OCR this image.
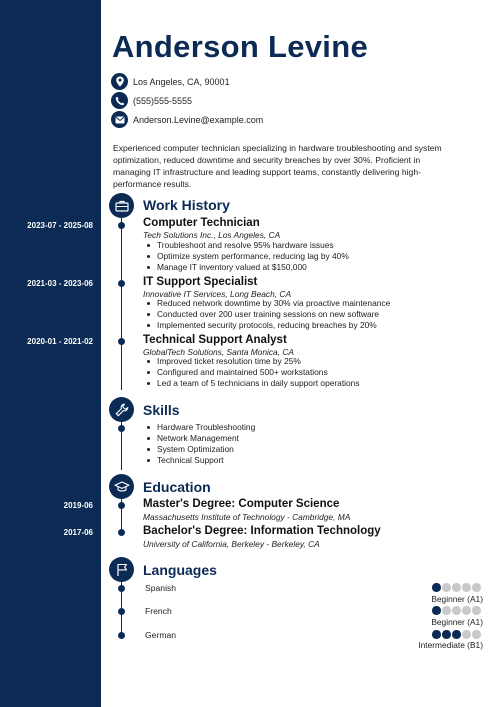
Anderson Levine
Los Angeles, CA, 90001
(555)555-5555
Anderson.Levine@example.com
Experienced computer technician specializing in hardware troubleshooting and system optimization, reduced downtime and security breaches by over 30%. Proficient in managing IT infrastructure and leading support teams, constantly delivering high-performance results.
Work History
2023-07 - 2025-08	Computer Technician
Tech Solutions Inc., Los Angeles, CA
Troubleshoot and resolve 95% hardware issues
Optimize system performance, reducing lag by 40%
Manage IT inventory valued at $150,000
2021-03 - 2023-06	IT Support Specialist
Innovative IT Services, Long Beach, CA
Reduced network downtime by 30% via proactive maintenance
Conducted over 200 user training sessions on new software
Implemented security protocols, reducing breaches by 20%
2020-01 - 2021-02	Technical Support Analyst
GlobalTech Solutions, Santa Monica, CA
Improved ticket resolution time by 25%
Configured and maintained 500+ workstations
Led a team of 5 technicians in daily support operations
Skills
Hardware Troubleshooting
Network Management
System Optimization
Technical Support
Education
2019-06	Master's Degree: Computer Science
Massachusetts Institute of Technology - Cambridge, MA
2017-06	Bachelor's Degree: Information Technology
University of California, Berkeley - Berkeley, CA
Languages
Spanish
Beginner (A1)
French
Beginner (A1)
German
Intermediate (B1)
